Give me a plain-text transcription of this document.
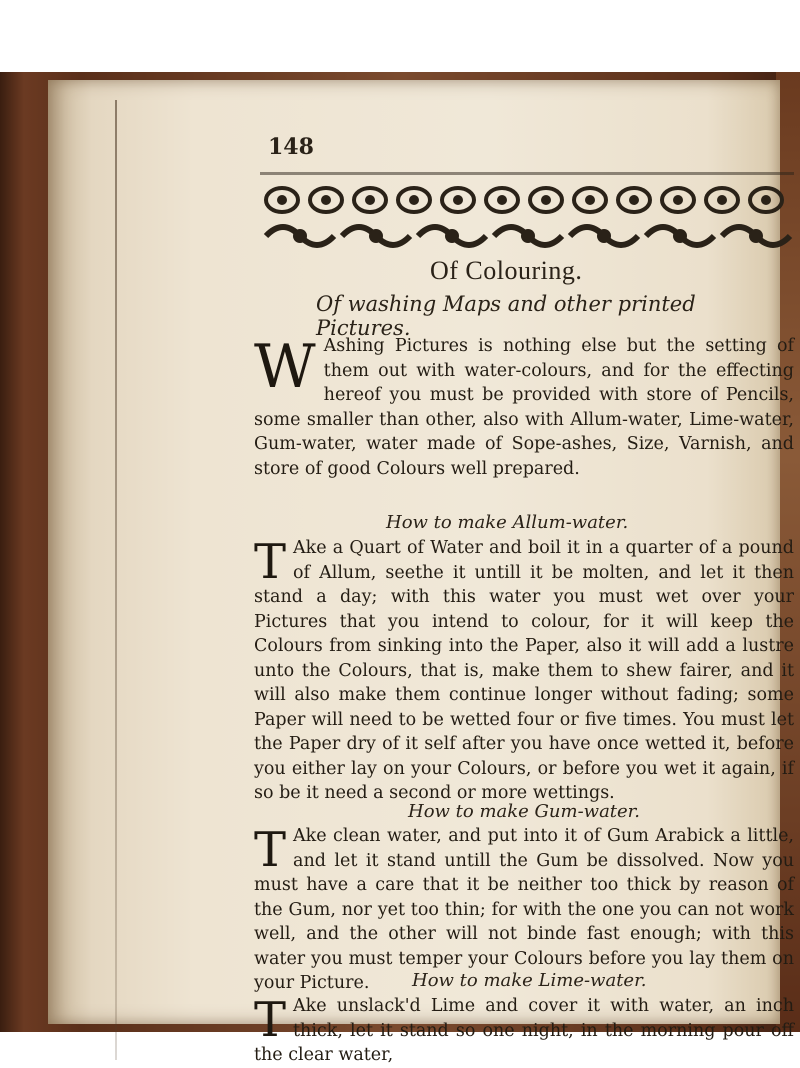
148
Of Colouring.
Of washing Maps and other printed Pictures.

W Ashing Pictures is nothing else but the setting of them out with water-colours, and for the effecting hereof you must be provided with store of Pencils, some smaller than other, also with Allum-water, Lime-water, Gum-water, water made of Sope-ashes, Size, Varnish, and store of good Colours well prepared.

How to make Allum-water.

T Ake a Quart of Water and boil it in a quarter of a pound of Allum, seethe it untill it be molten, and let it then stand a day; with this water you must wet over your Pictures that you intend to colour, for it will keep the Colours from sinking into the Paper, also it will add a lustre unto the Colours, that is, make them to shew fairer, and it will also make them continue longer without fading; some Paper will need to be wetted four or five times. You must let the Paper dry of it self after you have once wetted it, before you either lay on your Colours, or before you wet it again, if so be it need a second or more wettings.

How to make Gum-water.

T Ake clean water, and put into it of Gum Arabick a little, and let it stand untill the Gum be dissolved. Now you must have a care that it be neither too thick by reason of the Gum, nor yet too thin; for with the one you can not work well, and the other will not binde fast enough; with this water you must temper your Colours before you lay them on your Picture.	How to make Lime-water.

T Ake unslack'd Lime and cover it with water, an inch thick, let it stand so one night, in the morning pour off the clear water,
